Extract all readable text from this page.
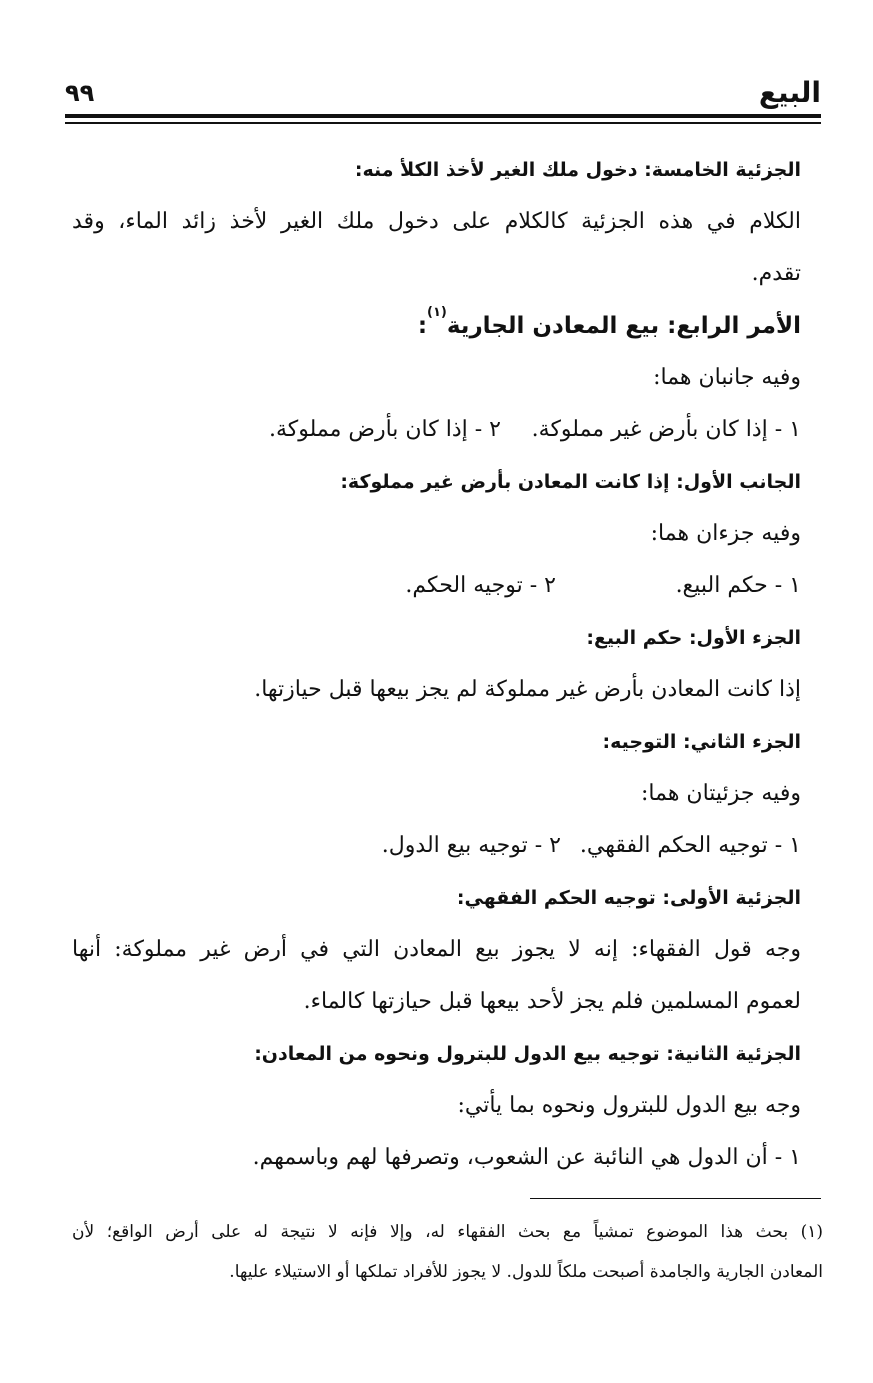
البيع
٩٩
الجزئية الخامسة: دخول ملك الغير لأخذ الكلأ منه:
الكلام في هذه الجزئية كالكلام على دخول ملك الغير لأخذ زائد الماء، وقد
تقدم.
الأمر الرابع: بيع المعادن الجارية$^{(١)}$:
وفيه جانبان هما:
١ - إذا كان بأرض غير مملوكة.
٢ - إذا كان بأرض مملوكة.
الجانب الأول: إذا كانت المعادن بأرض غير مملوكة:
وفيه جزءان هما:
١ - حكم البيع.
٢ - توجيه الحكم.
الجزء الأول: حكم البيع:
إذا كانت المعادن بأرض غير مملوكة لم يجز بيعها قبل حيازتها.
الجزء الثاني: التوجيه:
وفيه جزئيتان هما:
١ - توجيه الحكم الفقهي.
٢ - توجيه بيع الدول.
الجزئية الأولى: توجيه الحكم الفقهي:
وجه قول الفقهاء: إنه لا يجوز بيع المعادن التي في أرض غير مملوكة: أنها
لعموم المسلمين فلم يجز لأحد بيعها قبل حيازتها كالماء.
الجزئية الثانية: توجيه بيع الدول للبترول ونحوه من المعادن:
وجه بيع الدول للبترول ونحوه بما يأتي:
١ - أن الدول هي النائبة عن الشعوب، وتصرفها لهم وباسمهم.
(١) بحث هذا الموضوع تمشياً مع بحث الفقهاء له، وإلا فإنه لا نتيجة له على أرض الواقع؛ لأن
المعادن الجارية والجامدة أصبحت ملكاً للدول. لا يجوز للأفراد تملكها أو الاستيلاء عليها.
